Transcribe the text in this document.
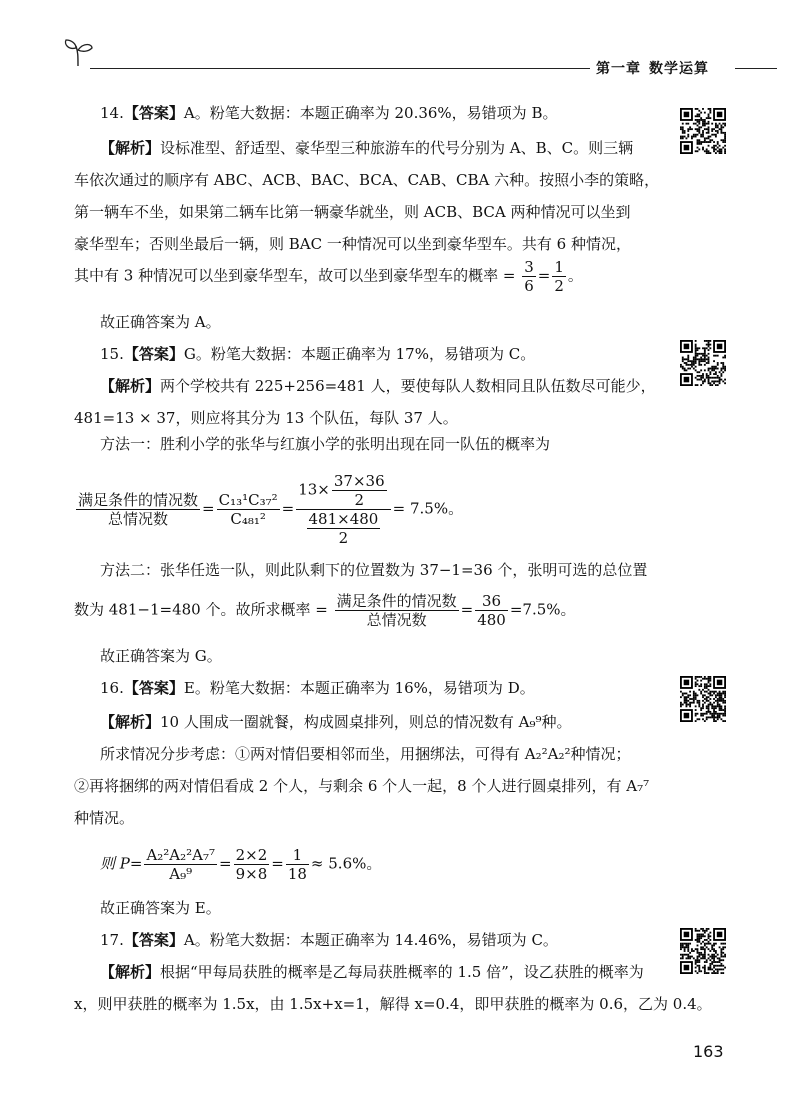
第一章 数学运算
14.【答案】A。粉笔大数据：本题正确率为 20.36%，易错项为 B。
【解析】设标准型、舒适型、豪华型三种旅游车的代号分别为 A、B、C。则三辆
车依次通过的顺序有 ABC、ACB、BAC、BCA、CAB、CBA 六种。按照小李的策略，
第一辆车不坐，如果第二辆车比第一辆豪华就坐，则 ACB、BCA 两种情况可以坐到
豪华型车；否则坐最后一辆，则 BAC 一种情况可以坐到豪华型车。共有 6 种情况，
其中有 3 种情况可以坐到豪华型车，故可以坐到豪华型车的概率 = $\frac{3}{6} = \frac{1}{2}$ 。
故正确答案为 A。
15.【答案】G。粉笔大数据：本题正确率为 17%，易错项为 C。
【解析】两个学校共有 225+256=481 人，要使每队人数相同且队伍数尽可能少，
481=13 × 37，则应将其分为 13 个队伍，每队 37 人。
方法一：胜利小学的张华与红旗小学的张明出现在同一队伍的概率为
满足条件的情况数
总情况数
= $\frac{\text{C₁₃¹C₃₇²}}{\text{C₄₈₁²}} = \frac{13\times \frac{37\times 36}{2}}{\frac{481\times 480}{2}} = 7.5\%$。
方法二：张华任选一队，则此队剩下的位置数为 37−1=36 个，张明可选的总位置
数为 481−1=480 个。故所求概率 = 满足条件的情况数
总情况数
= $\frac{36}{480} =7.5\%$。
故正确答案为 G。
16.【答案】E。粉笔大数据：本题正确率为 16%，易错项为 D。
【解析】10 人围成一圈就餐，构成圆桌排列，则总的情况数有 A₉⁹种。
所求情况分步考虑：①两对情侣要相邻而坐，用捆绑法，可得有 A₂²A₂²种情况；
②再将捆绑的两对情侣看成 2 个人，与剩余 6 个人一起，8 个人进行圆桌排列，有 A₇⁷
种情况。
则 $P= \frac{\text{A₂²A₂²A₇⁷}}{\text{A₉⁹}} = \frac{2\times 2}{9\times 8} = \frac{1}{18} \approx 5.6\%$。
故正确答案为 E。
17.【答案】A。粉笔大数据：本题正确率为 14.46%，易错项为 C。
【解析】根据“甲每局获胜的概率是乙每局获胜概率的 1.5 倍”，设乙获胜的概率为
x，则甲获胜的概率为 1.5x，由 1.5x+x=1，解得 x=0.4，即甲获胜的概率为 0.6，乙为 0.4。
163
